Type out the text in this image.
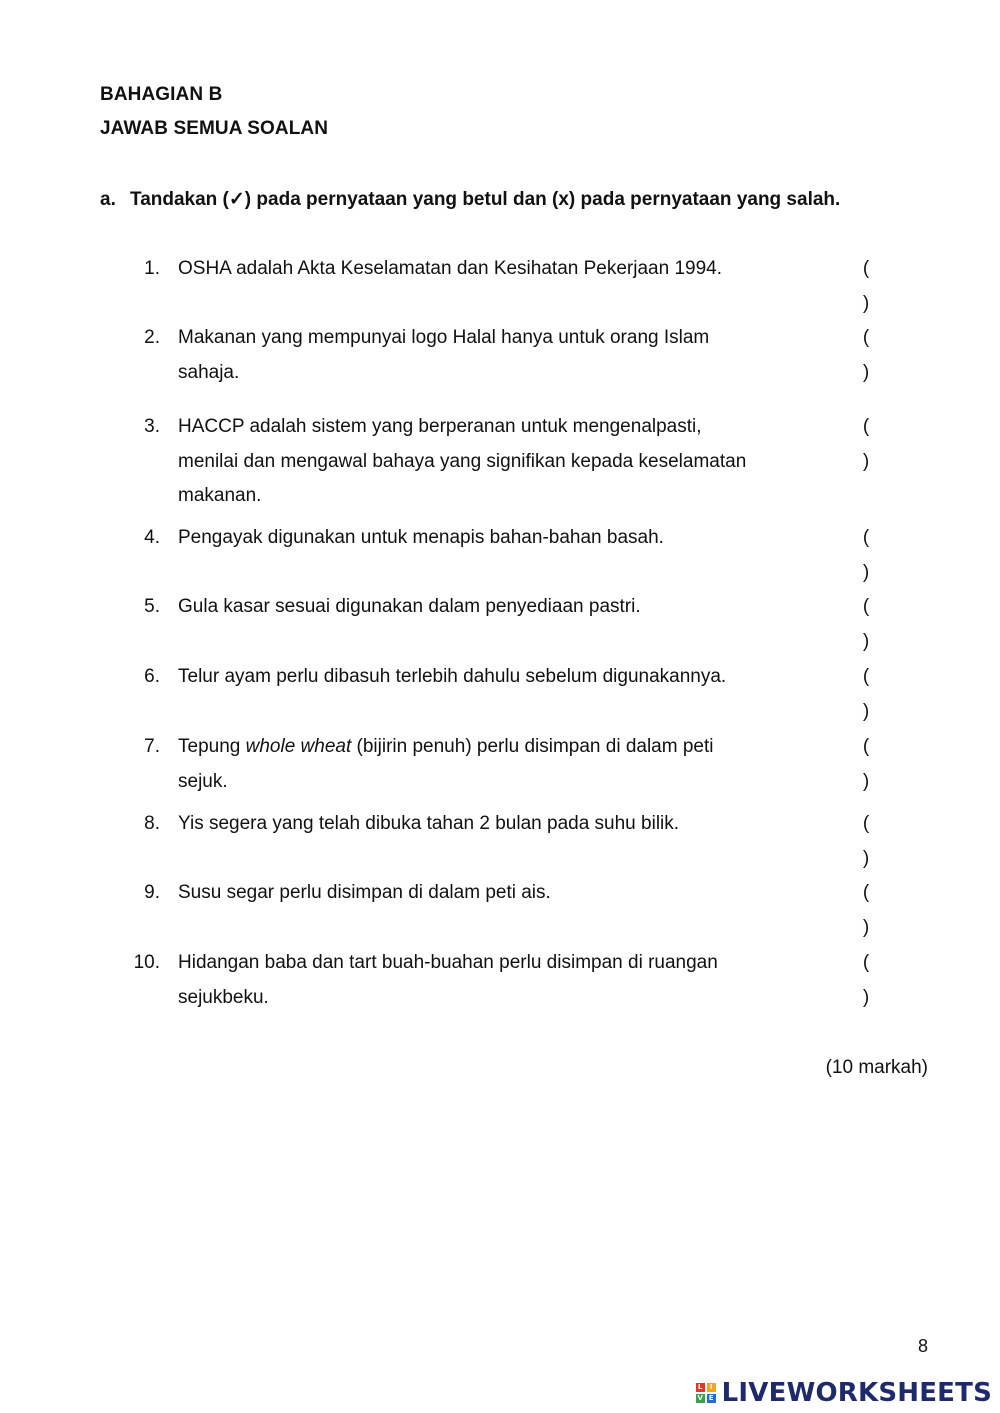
BAHAGIAN B
JAWAB SEMUA SOALAN
a. Tandakan (✓) pada pernyataan yang betul dan (x) pada pernyataan yang salah.
1. OSHA adalah Akta Keselamatan dan Kesihatan Pekerjaan 1994.	(
)
2. Makanan yang mempunyai logo Halal hanya untuk orang Islam sahaja.
(
)
3. HACCP adalah sistem yang berperanan untuk mengenalpasti, menilai dan mengawal bahaya yang signifikan kepada keselamatan makanan.
(
)
4. Pengayak digunakan untuk menapis bahan-bahan basah.	(
)
5. Gula kasar sesuai digunakan dalam penyediaan pastri.	(
)
6. Telur ayam perlu dibasuh terlebih dahulu sebelum digunakannya.	(
)
7. Tepung whole wheat (bijirin penuh) perlu disimpan di dalam peti sejuk.
(
)
8. Yis segera yang telah dibuka tahan 2 bulan pada suhu bilik.	(
)
9. Susu segar perlu disimpan di dalam peti ais.	(
)
10. Hidangan baba dan tart buah-buahan perlu disimpan di ruangan sejukbeku.
(
)
(10 markah)
8
L	I
V E LIVEWORKSHEETS
